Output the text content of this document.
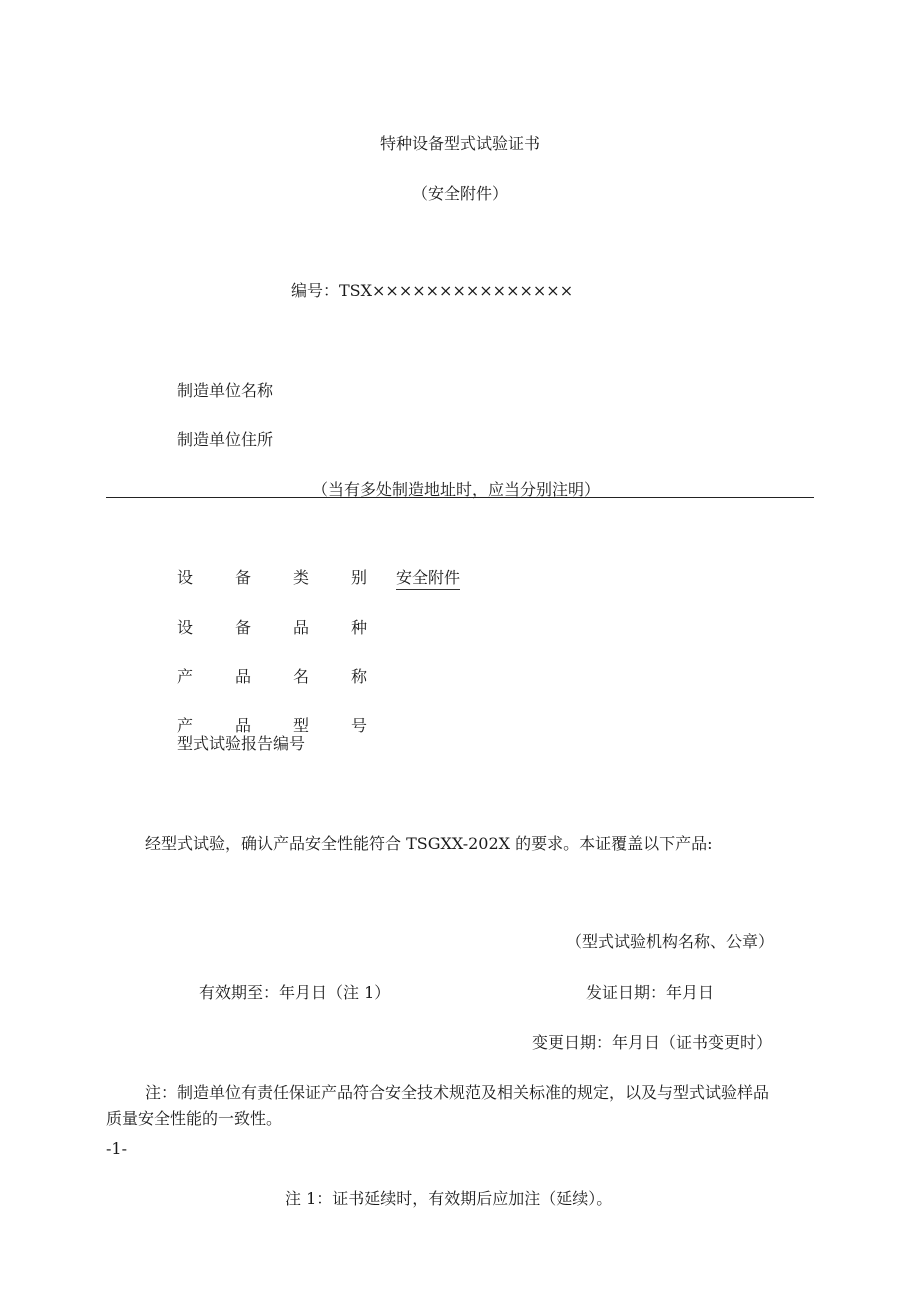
特种设备型式试验证书
（安全附件）
编号：TSX×××××××××××××××
制造单位名称
制造单位住所
（当有多处制造地址时，应当分别注明）
设	备	类	别 安全附件
设	备	品	种
产	品	名	称
产	品	型	号
型式试验报告编号
经型式试验，确认产品安全性能符合 TSGXX-202X 的要求。本证覆盖以下产品:
（型式试验机构名称、公章）
有效期至：年月日（注 1）	发证日期：年月日
变更日期：年月日（证书变更时）
注：制造单位有责任保证产品符合安全技术规范及相关标准的规定，以及与型式试验样品
质量安全性能的一致性。
-1-
注 1：证书延续时，有效期后应加注（延续）。
